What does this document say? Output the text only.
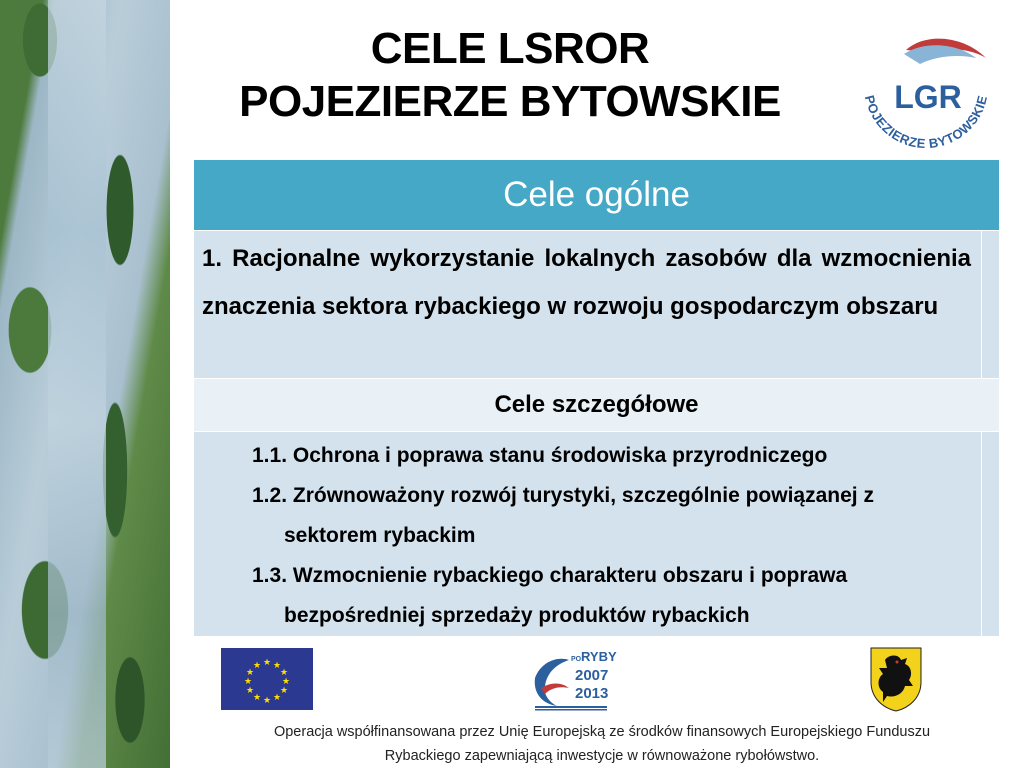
CELE LSROR
POJEZIERZE BYTOWSKIE	LGR
POJEZIERZE BYTOWSKIE
Cele ogólne	
1. Racjonalne wykorzystanie lokalnych zasobów dla wzmocnienia znaczenia sektora rybackiego w rozwoju gospodarczym obszaru	
Cele szczegółowe	

1.1. Ochrona i poprawa stanu środowiska przyrodniczego
1.2. Zrównoważony rozwój turystyki, szczególnie powiązanej z sektorem rybackim
1.3. Wzmocnienie rybackiego charakteru obszaru i poprawa bezpośredniej sprzedaży produktów rybackich	

★ ★
★
★
★
★
★
★
★
★
★
★
PO RYBY
2007
2013
Operacja współfinansowana przez Unię Europejską ze środków finansowych Europejskiego Funduszu
Rybackiego zapewniającą inwestycje w równoważone rybołówstwo.
